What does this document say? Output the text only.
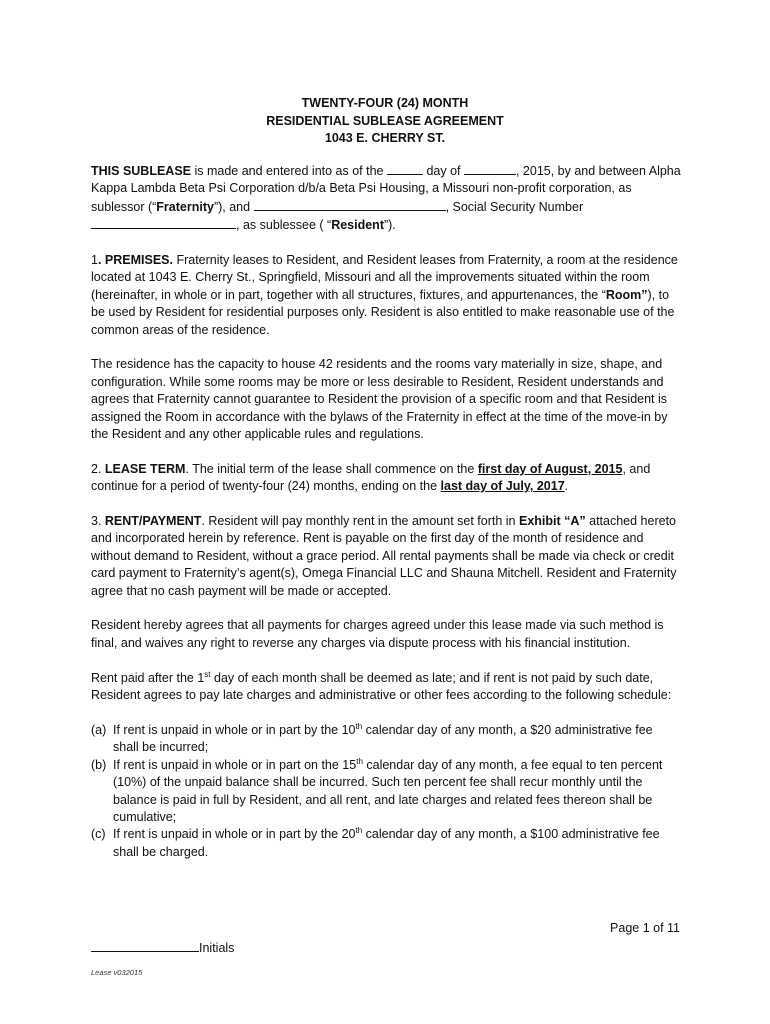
TWENTY-FOUR (24) MONTH
RESIDENTIAL SUBLEASE AGREEMENT
1043 E. CHERRY ST.

THIS SUBLEASE is made and entered into as of the	day of	, 2015, by and between Alpha Kappa Lambda Beta Psi Corporation d/b/a Beta Psi Housing, a Missouri non-profit corporation, as sublessor (“Fraternity”), and	, Social Security Number , as sublessee ( “Resident”).

1. PREMISES. Fraternity leases to Resident, and Resident leases from Fraternity, a room at the residence located at 1043 E. Cherry St., Springfield, Missouri and all the improvements situated within the room (hereinafter, in whole or in part, together with all structures, fixtures, and appurtenances, the “Room”), to be used by Resident for residential purposes only. Resident is also entitled to make reasonable use of the common areas of the residence.

The residence has the capacity to house 42 residents and the rooms vary materially in size, shape, and configuration. While some rooms may be more or less desirable to Resident, Resident understands and agrees that Fraternity cannot guarantee to Resident the provision of a specific room and that Resident is assigned the Room in accordance with the bylaws of the Fraternity in effect at the time of the move-in by the Resident and any other applicable rules and regulations.

2. LEASE TERM. The initial term of the lease shall commence on the first day of August, 2015, and continue for a period of twenty-four (24) months, ending on the last day of July, 2017.

3. RENT/PAYMENT. Resident will pay monthly rent in the amount set forth in Exhibit “A” attached hereto and incorporated herein by reference. Rent is payable on the first day of the month of residence and without demand to Resident, without a grace period. All rental payments shall be made via check or credit card payment to Fraternity’s agent(s), Omega Financial LLC and Shauna Mitchell. Resident and Fraternity agree that no cash payment will be made or accepted.

Resident hereby agrees that all payments for charges agreed under this lease made via such method is final, and waives any right to reverse any charges via dispute process with his financial institution.

Rent paid after the 1st day of each month shall be deemed as late; and if rent is not paid by such date, Resident agrees to pay late charges and administrative or other fees according to the following schedule:

(a) If rent is unpaid in whole or in part by the 10th calendar day of any month, a $20 administrative fee shall be incurred;
(b) If rent is unpaid in whole or in part on the 15th calendar day of any month, a fee equal to ten percent (10%) of the unpaid balance shall be incurred. Such ten percent fee shall recur monthly until the balance is paid in full by Resident, and all rent, and late charges and related fees thereon shall be cumulative;
(c) If rent is unpaid in whole or in part by the 20th calendar day of any month, a $100 administrative fee shall be charged.
Page 1 of 11
Initials
Lease v032015
